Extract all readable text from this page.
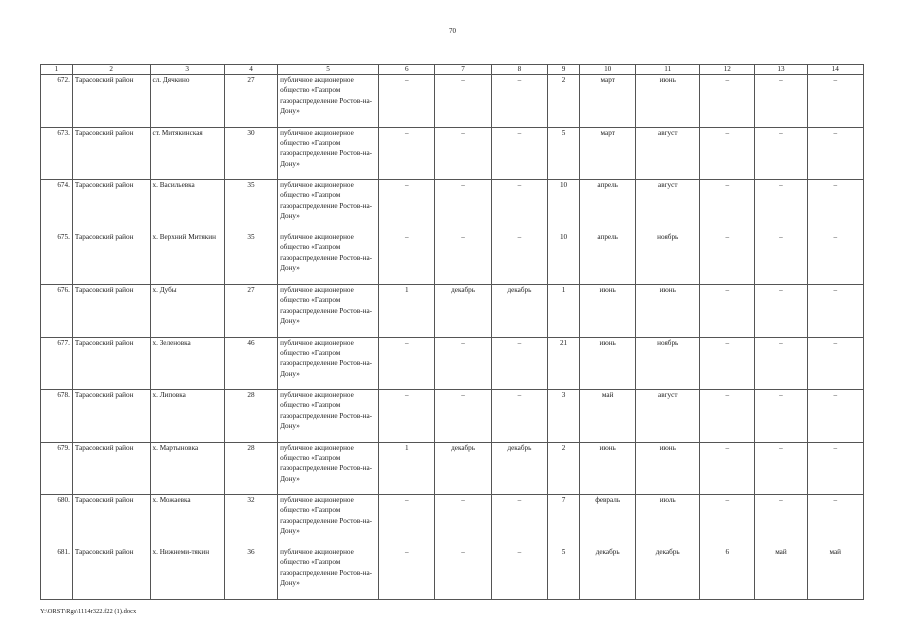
70
1	2	3	4	5	6	7	8	9	10	11	12	13	14
672.	Тарасовский район	сл. Дячкино	27	публичное акционерное общество «Газпром газораспределение Ростов-на-Дону»	–	–	–	2	март	июнь	–	–	–
673.	Тарасовский район	ст. Митякинская	30	публичное акционерное общество «Газпром газораспределение Ростов-на-Дону»	–	–	–	5	март	август	–	–	–
674.	Тарасовский район	х. Васильевка	35	публичное акционерное общество «Газпром газораспределение Ростов-на-Дону»	–	–	–	10	апрель	август	–	–	–
675.	Тарасовский район	х. Верхний Митякин	35	публичное акционерное общество «Газпром газораспределение Ростов-на-Дону»	–	–	–	10	апрель	ноябрь	–	–	–
676.	Тарасовский район	х. Дубы	27	публичное акционерное общество «Газпром газораспределение Ростов-на-Дону»	1	декабрь	декабрь	1	июнь	июнь	–	–	–
677.	Тарасовский район	х. Зеленовка	46	публичное акционерное общество «Газпром газораспределение Ростов-на-Дону»	–	–	–	21	июнь	ноябрь	–	–	–
678.	Тарасовский район	х. Липовка	28	публичное акционерное общество «Газпром газораспределение Ростов-на-Дону»	–	–	–	3	май	август	–	–	–
679.	Тарасовский район	х. Мартыновка	28	публичное акционерное общество «Газпром газораспределение Ростов-на-Дону»	1	декабрь	декабрь	2	июнь	июнь	–	–	–
680.	Тарасовский район	х. Можаевка	32	публичное акционерное общество «Газпром газораспределение Ростов-на-Дону»	–	–	–	7	февраль	июль	–	–	–
681.	Тарасовский район	х. Нижнеми-тякин	36	публичное акционерное общество «Газпром газораспределение Ростов-на-Дону»	–	–	–	5	декабрь	декабрь	6	май	май
Y:\ORST\Rgs\1114r322.f22 (1).docx
